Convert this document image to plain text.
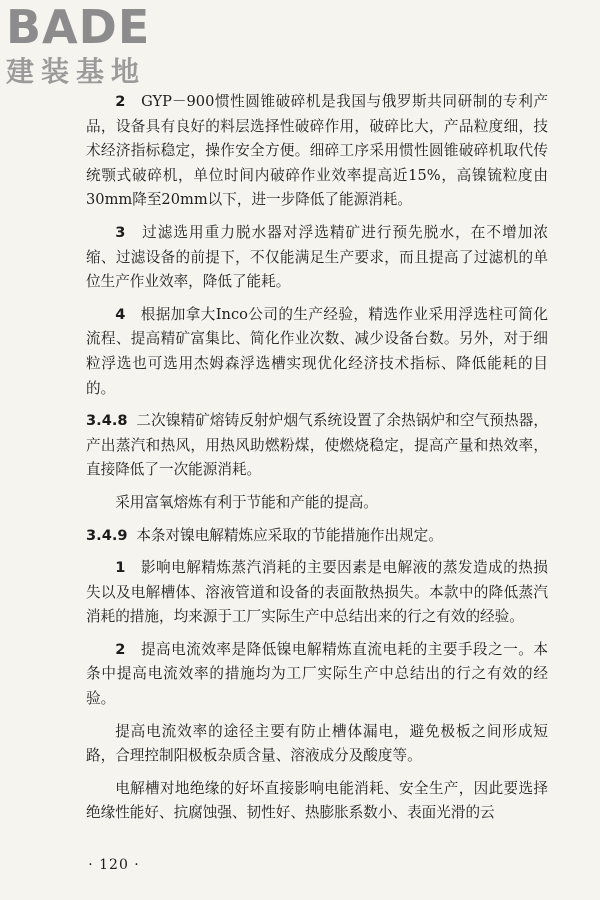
BADE
建装基地

2　 GYP－900惯性圆锥破碎机是我国与俄罗斯共同研制的专利产品，设备具有良好的料层选择性破碎作用，破碎比大，产品粒度细，技术经济指标稳定，操作安全方便。细碎工序采用惯性圆锥破碎机取代传统颚式破碎机，单位时间内破碎作业效率提高近15%，高镍锍粒度由30mm降至20mm以下，进一步降低了能源消耗。

3　 过滤选用重力脱水器对浮选精矿进行预先脱水，在不增加浓缩、过滤设备的前提下，不仅能满足生产要求，而且提高了过滤机的单位生产作业效率，降低了能耗。

4　 根据加拿大Inco公司的生产经验，精选作业采用浮选柱可简化流程、提高精矿富集比、简化作业次数、减少设备台数。另外，对于细粒浮选也可选用杰姆森浮选槽实现优化经济技术指标、降低能耗的目的。

3.4.8 二次镍精矿熔铸反射炉烟气系统设置了余热锅炉和空气预热器，产出蒸汽和热风，用热风助燃粉煤，使燃烧稳定，提高产量和热效率，直接降低了一次能源消耗。

采用富氧熔炼有利于节能和产能的提高。

3.4.9 本条对镍电解精炼应采取的节能措施作出规定。

1　 影响电解精炼蒸汽消耗的主要因素是电解液的蒸发造成的热损失以及电解槽体、溶液管道和设备的表面散热损失。本款中的降低蒸汽消耗的措施，均来源于工厂实际生产中总结出来的行之有效的经验。

2　 提高电流效率是降低镍电解精炼直流电耗的主要手段之一。本条中提高电流效率的措施均为工厂实际生产中总结出的行之有效的经验。

提高电流效率的途径主要有防止槽体漏电，避免极板之间形成短路，合理控制阳极板杂质含量、溶液成分及酸度等。

电解槽对地绝缘的好坏直接影响电能消耗、安全生产，因此要选择绝缘性能好、抗腐蚀强、韧性好、热膨胀系数小、表面光滑的云

· 120 ·
